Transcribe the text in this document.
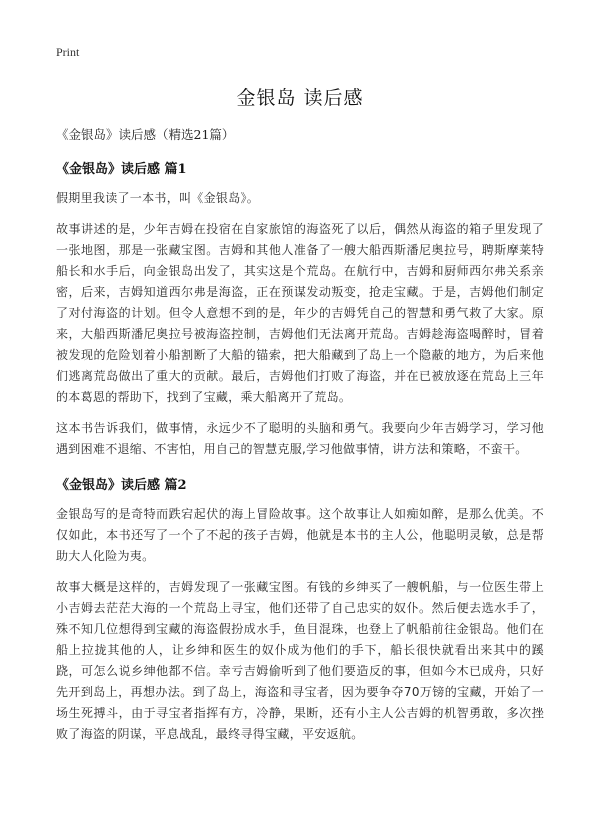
Print
金银岛 读后感
《金银岛》读后感（精选21篇）
《金银岛》读后感 篇1

假期里我读了一本书，叫《金银岛》。

故事讲述的是，少年吉姆在投宿在自家旅馆的海盗死了以后，偶然从海盗的箱子里发现了一张地图，那是一张藏宝图。吉姆和其他人准备了一艘大船西斯潘尼奥拉号，聘斯摩莱特船长和水手后，向金银岛出发了，其实这是个荒岛。在航行中，吉姆和厨师西尔弗关系亲密，后来，吉姆知道西尔弗是海盗，正在预谋发动叛变，抢走宝藏。于是，吉姆他们制定了对付海盗的计划。但令人意想不到的是，年少的吉姆凭自己的智慧和勇气救了大家。原来，大船西斯潘尼奥拉号被海盗控制，吉姆他们无法离开荒岛。吉姆趁海盗喝醉时，冒着被发现的危险划着小船割断了大船的锚索，把大船藏到了岛上一个隐蔽的地方，为后来他们逃离荒岛做出了重大的贡献。最后，吉姆他们打败了海盗，并在已被放逐在荒岛上三年的本葛恩的帮助下，找到了宝藏，乘大船离开了荒岛。

这本书告诉我们，做事情，永远少不了聪明的头脑和勇气。我要向少年吉姆学习，学习他遇到困难不退缩、不害怕，用自己的智慧克服,学习他做事情，讲方法和策略，不蛮干。

《金银岛》读后感 篇2

金银岛写的是奇特而跌宕起伏的海上冒险故事。这个故事让人如痴如醉，是那么优美。不仅如此，本书还写了一个了不起的孩子吉姆，他就是本书的主人公，他聪明灵敏，总是帮助大人化险为夷。

故事大概是这样的，吉姆发现了一张藏宝图。有钱的乡绅买了一艘帆船，与一位医生带上小吉姆去茫茫大海的一个荒岛上寻宝，他们还带了自己忠实的奴仆。然后便去选水手了，殊不知几位想得到宝藏的海盗假扮成水手，鱼目混珠，也登上了帆船前往金银岛。他们在船上拉拢其他的人，让乡绅和医生的奴仆成为他们的手下，船长很快就看出来其中的蹊跷，可怎么说乡绅他都不信。幸亏吉姆偷听到了他们要造反的事，但如今木已成舟，只好先开到岛上，再想办法。到了岛上，海盗和寻宝者，因为要争夺70万镑的宝藏，开始了一场生死搏斗，由于寻宝者指挥有方，冷静，果断，还有小主人公吉姆的机智勇敢，多次挫败了海盗的阴谋，平息战乱，最终寻得宝藏，平安返航。
